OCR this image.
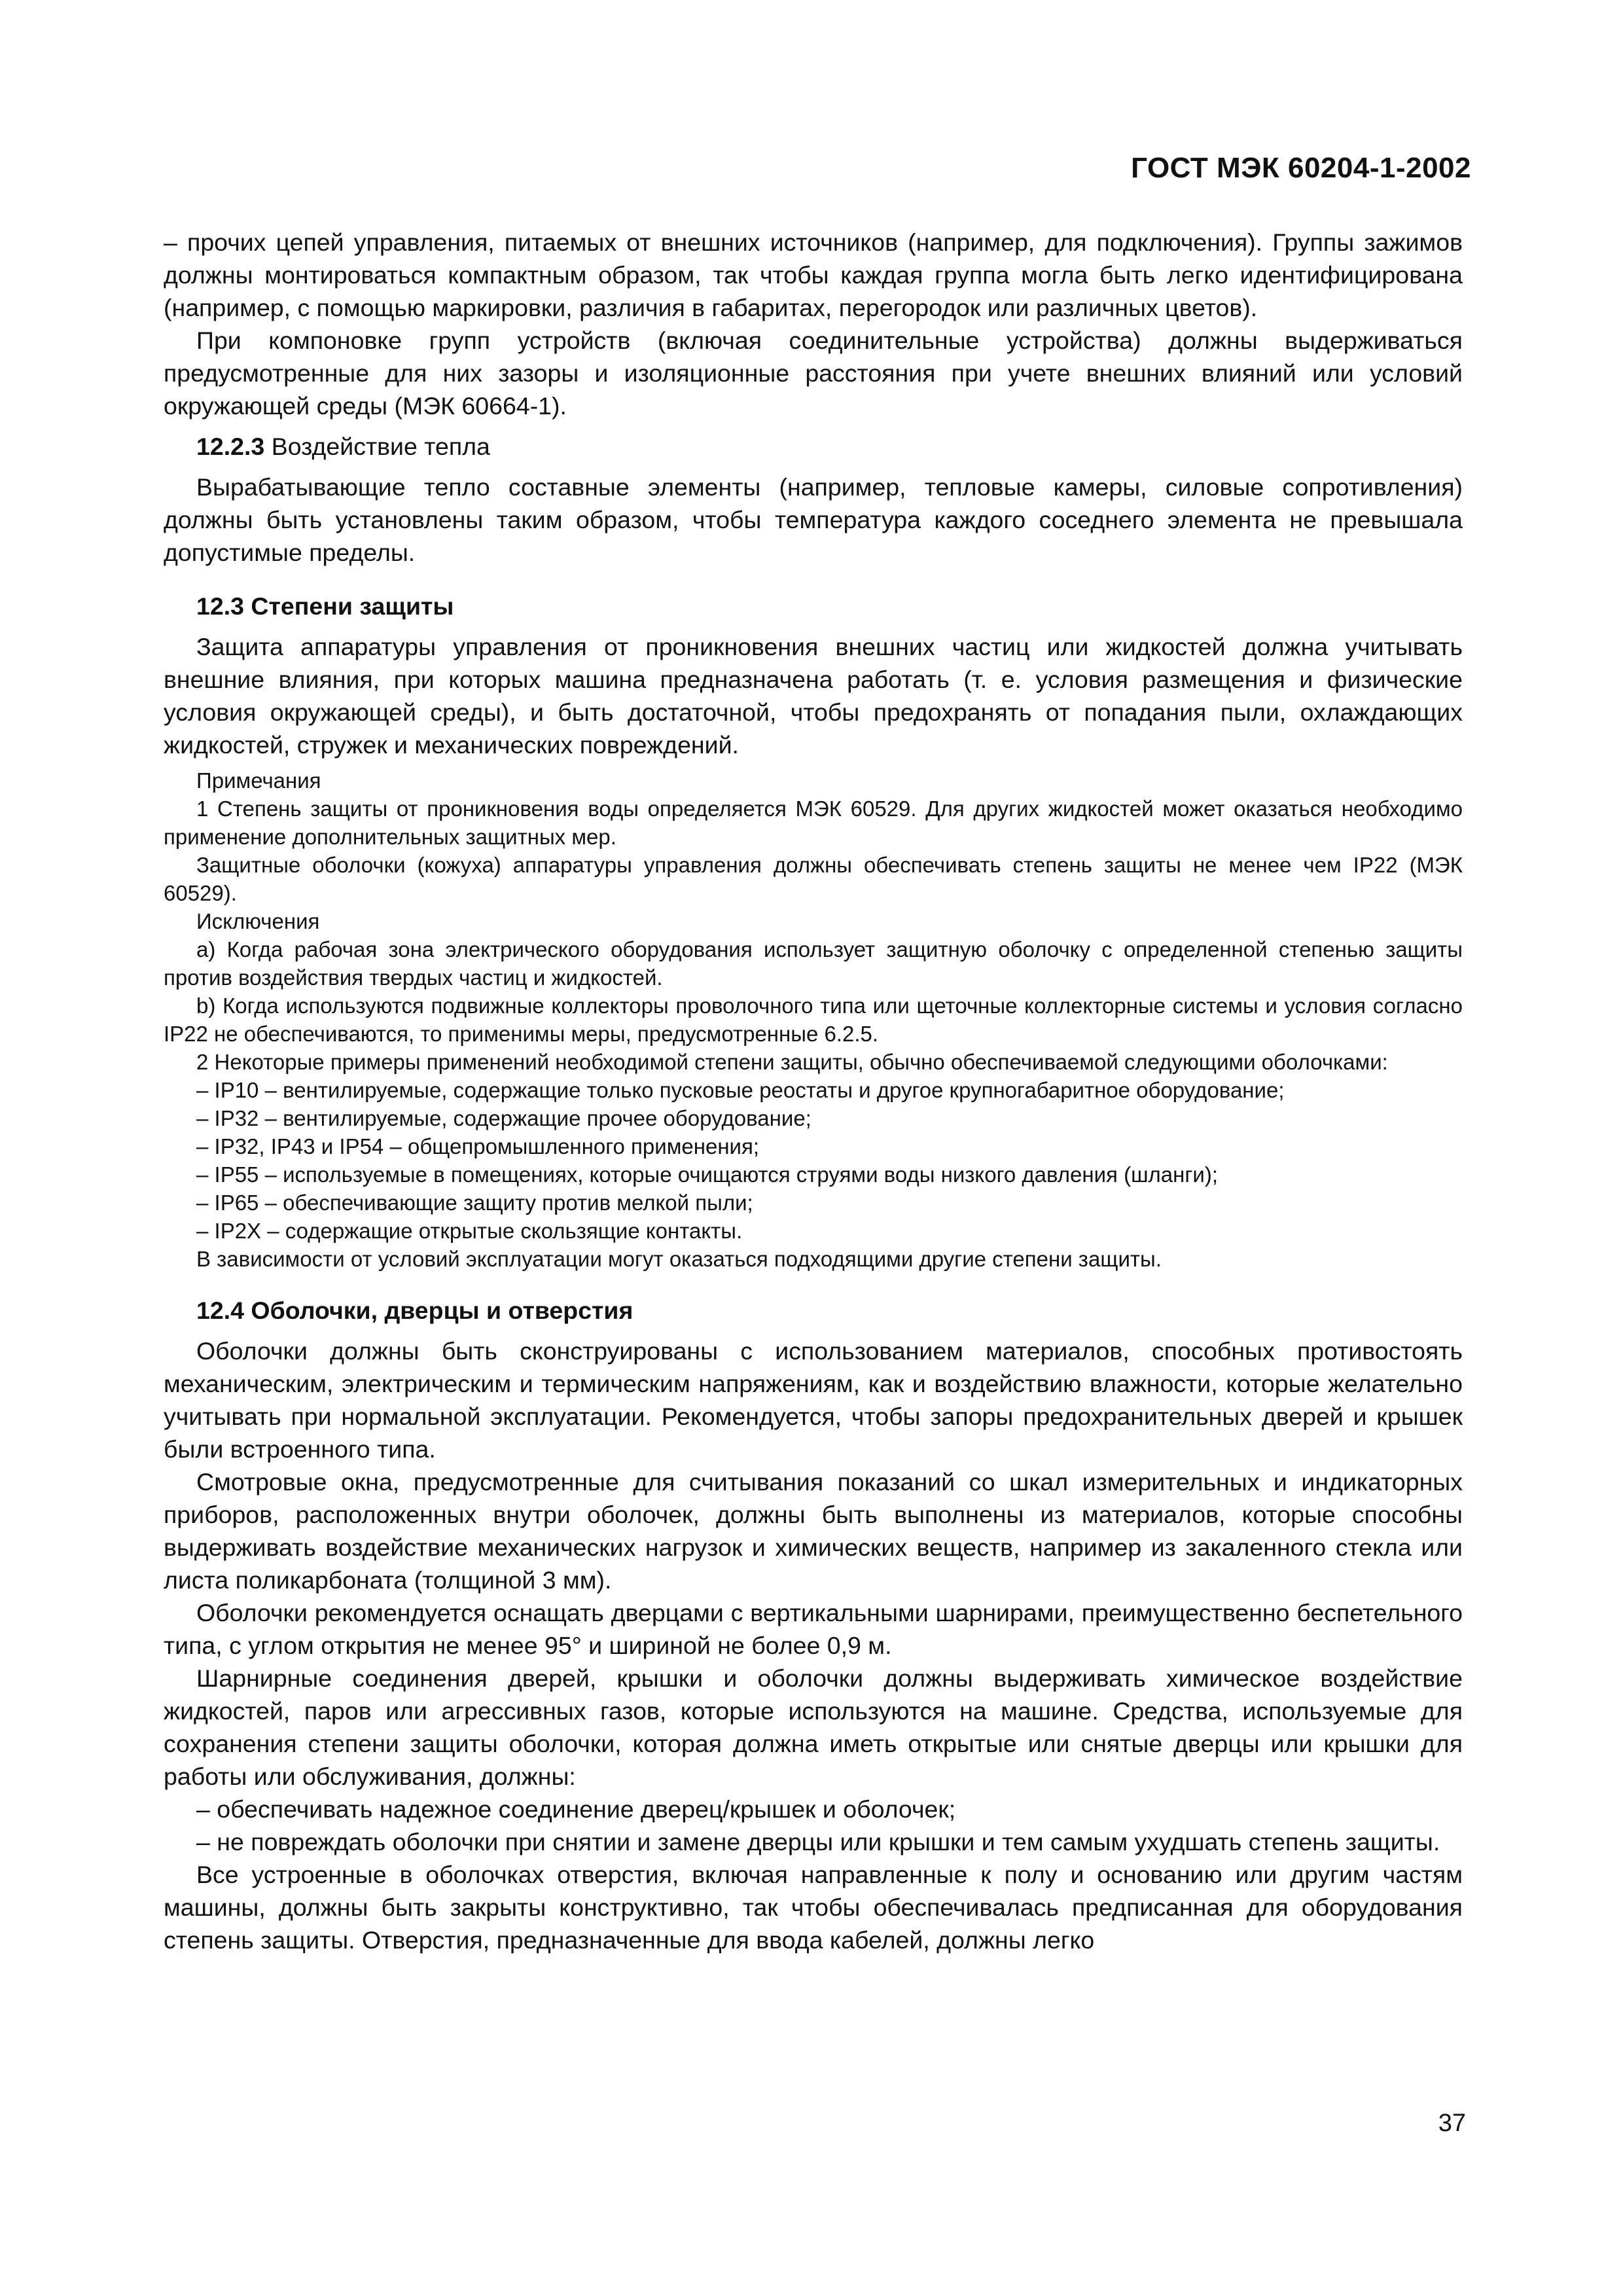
ГОСТ МЭК 60204-1-2002

– прочих цепей управления, питаемых от внешних источников (например, для подключения). Группы зажимов должны монтироваться компактным образом, так чтобы каждая группа могла быть легко идентифицирована (например, с помощью маркировки, различия в габаритах, перегородок или различных цветов).

При компоновке групп устройств (включая соединительные устройства) должны выдерживаться предусмотренные для них зазоры и изоляционные расстояния при учете внешних влияний или условий окружающей среды (МЭК 60664-1).

12.2.3 Воздействие тепла

Вырабатывающие тепло составные элементы (например, тепловые камеры, силовые сопротивления) должны быть установлены таким образом, чтобы температура каждого соседнего элемента не превышала допустимые пределы.

12.3 Степени защиты

Защита аппаратуры управления от проникновения внешних частиц или жидкостей должна учитывать внешние влияния, при которых машина предназначена работать (т. е. условия размещения и физические условия окружающей среды), и быть достаточной, чтобы предохранять от попадания пыли, охлаждающих жидкостей, стружек и механических повреждений.

Примечания

1 Степень защиты от проникновения воды определяется МЭК 60529. Для других жидкостей может оказаться необходимо применение дополнительных защитных мер.

Защитные оболочки (кожуха) аппаратуры управления должны обеспечивать степень защиты не менее чем IP22 (МЭК 60529).

Исключения

а) Когда рабочая зона электрического оборудования использует защитную оболочку с определенной степенью защиты против воздействия твердых частиц и жидкостей.

b) Когда используются подвижные коллекторы проволочного типа или щеточные коллекторные системы и условия согласно IP22 не обеспечиваются, то применимы меры, предусмотренные 6.2.5.

2 Некоторые примеры применений необходимой степени защиты, обычно обеспечиваемой следующими оболочками:

– IP10 – вентилируемые, содержащие только пусковые реостаты и другое крупногабаритное оборудование;

– IP32 – вентилируемые, содержащие прочее оборудование;

– IP32, IP43 и IP54 – общепромышленного применения;

– IP55 – используемые в помещениях, которые очищаются струями воды низкого давления (шланги);

– IP65 – обеспечивающие защиту против мелкой пыли;

– IP2X – содержащие открытые скользящие контакты.

В зависимости от условий эксплуатации могут оказаться подходящими другие степени защиты.

12.4 Оболочки, дверцы и отверстия

Оболочки должны быть сконструированы с использованием материалов, способных противостоять механическим, электрическим и термическим напряжениям, как и воздействию влажности, которые желательно учитывать при нормальной эксплуатации. Рекомендуется, чтобы запоры предохранительных дверей и крышек были встроенного типа.

Смотровые окна, предусмотренные для считывания показаний со шкал измерительных и индикаторных приборов, расположенных внутри оболочек, должны быть выполнены из материалов, которые способны выдерживать воздействие механических нагрузок и химических веществ, например из закаленного стекла или листа поликарбоната (толщиной 3 мм).

Оболочки рекомендуется оснащать дверцами с вертикальными шарнирами, преимущественно беспетельного типа, с углом открытия не менее 95° и шириной не более 0,9 м.

Шарнирные соединения дверей, крышки и оболочки должны выдерживать химическое воздействие жидкостей, паров или агрессивных газов, которые используются на машине. Средства, используемые для сохранения степени защиты оболочки, которая должна иметь открытые или снятые дверцы или крышки для работы или обслуживания, должны:

– обеспечивать надежное соединение дверец/крышек и оболочек;

– не повреждать оболочки при снятии и замене дверцы или крышки и тем самым ухудшать степень защиты.

Все устроенные в оболочках отверстия, включая направленные к полу и основанию или другим частям машины, должны быть закрыты конструктивно, так чтобы обеспечивалась предписанная для оборудования степень защиты. Отверстия, предназначенные для ввода кабелей, должны легко

37
